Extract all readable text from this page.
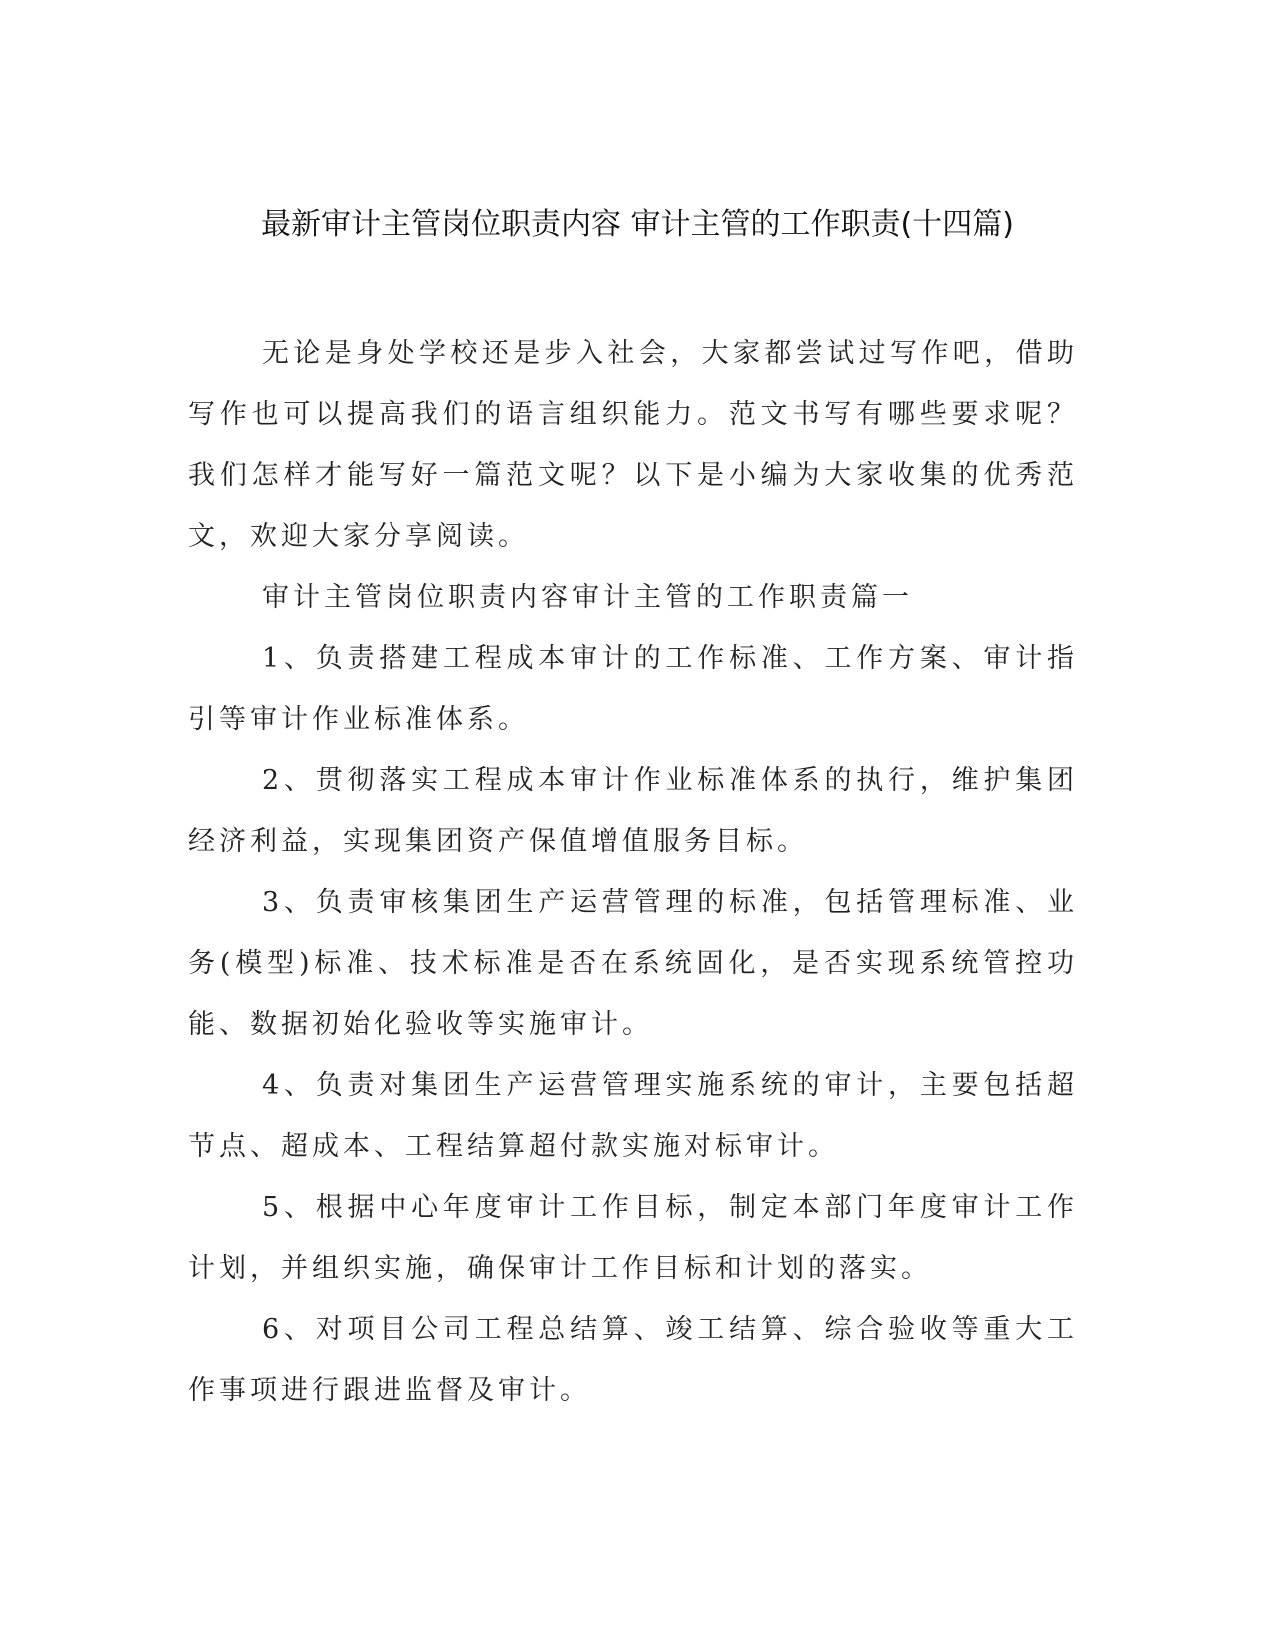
最新审计主管岗位职责内容 审计主管的工作职责(十四篇)

无论是身处学校还是步入社会，大家都尝试过写作吧，借助写作也可以提高我们的语言组织能力。范文书写有哪些要求呢？我们怎样才能写好一篇范文呢？以下是小编为大家收集的优秀范文，欢迎大家分享阅读。

审计主管岗位职责内容审计主管的工作职责篇一

1、负责搭建工程成本审计的工作标准、工作方案、审计指引等审计作业标准体系。

2、贯彻落实工程成本审计作业标准体系的执行，维护集团经济利益，实现集团资产保值增值服务目标。

3、负责审核集团生产运营管理的标准，包括管理标准、业务(模型)标准、技术标准是否在系统固化，是否实现系统管控功能、数据初始化验收等实施审计。

4、负责对集团生产运营管理实施系统的审计，主要包括超节点、超成本、工程结算超付款实施对标审计。

5、根据中心年度审计工作目标，制定本部门年度审计工作计划，并组织实施，确保审计工作目标和计划的落实。

6、对项目公司工程总结算、竣工结算、综合验收等重大工作事项进行跟进监督及审计。
